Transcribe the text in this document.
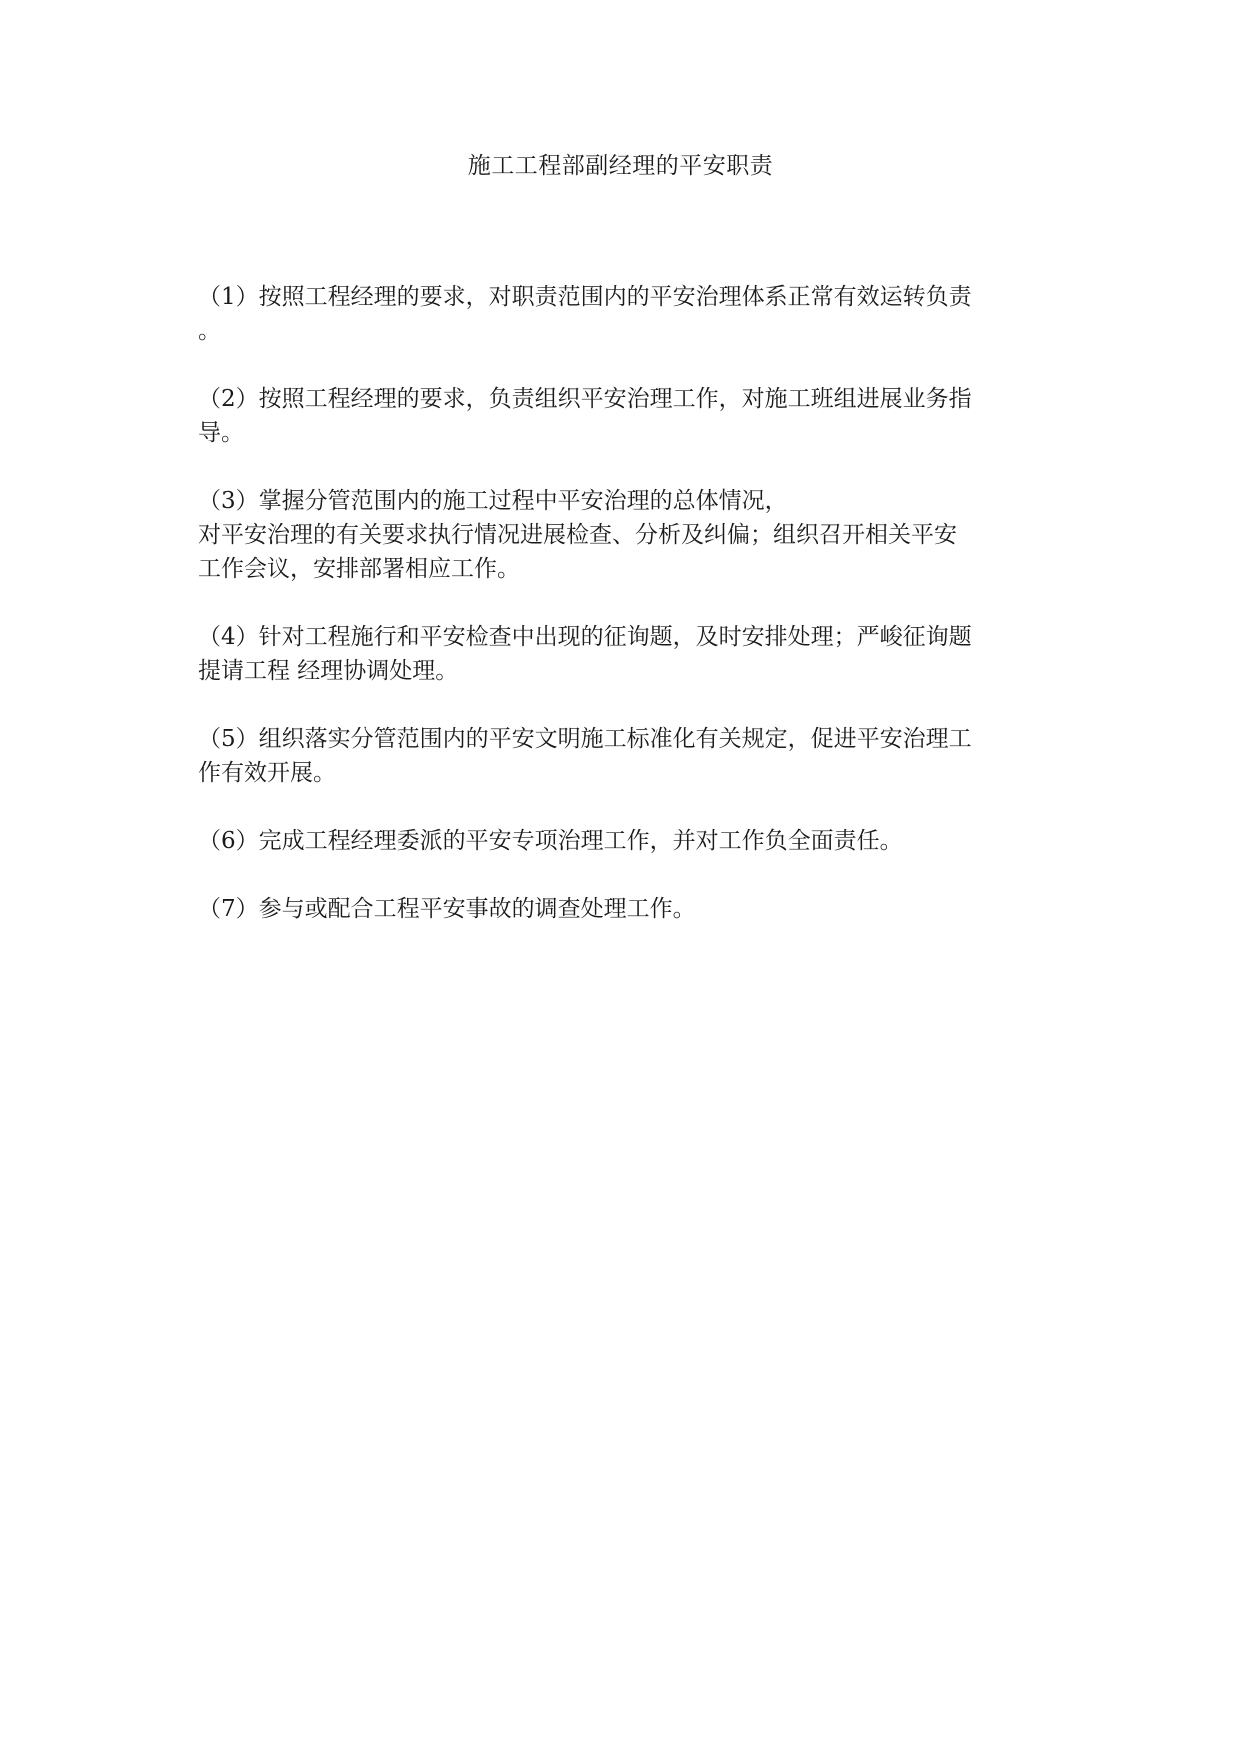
施工工程部副经理的平安职责
（1）按照工程经理的要求，对职责范围内的平安治理体系正常有效运转负责
。
（2）按照工程经理的要求，负责组织平安治理工作，对施工班组进展业务指
导。
（3）掌握分管范围内的施工过程中平安治理的总体情况，
对平安治理的有关要求执行情况进展检查、分析及纠偏；组织召开相关平安
工作会议，安排部署相应工作。
（4）针对工程施行和平安检查中出现的征询题，及时安排处理；严峻征询题
提请工程 经理协调处理。
（5）组织落实分管范围内的平安文明施工标准化有关规定，促进平安治理工
作有效开展。
（6）完成工程经理委派的平安专项治理工作，并对工作负全面责任。
（7）参与或配合工程平安事故的调查处理工作。
